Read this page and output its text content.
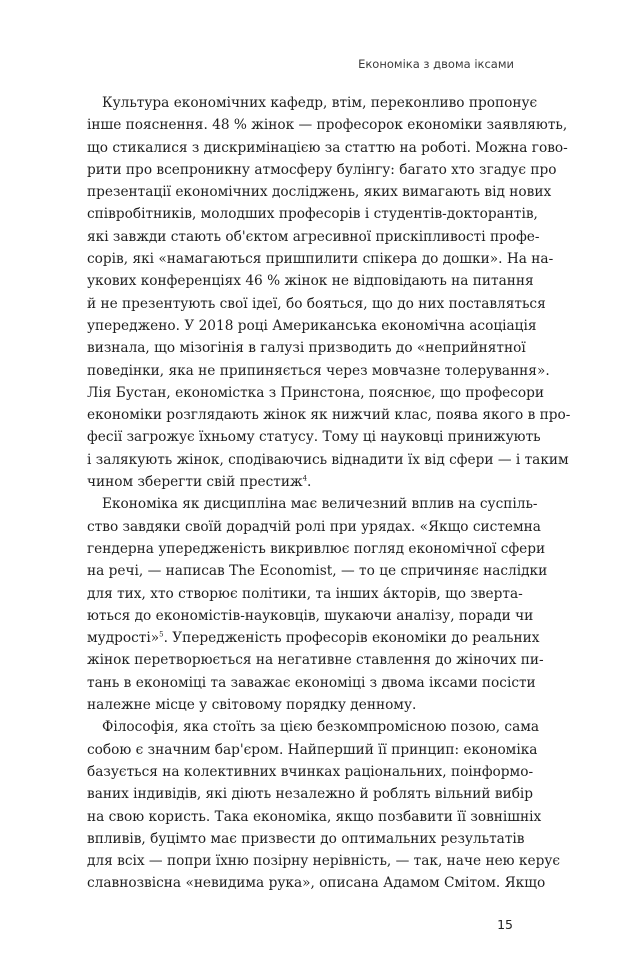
Економіка з двома іксами
Культура економічних кафедр, втім, переконливо пропонує
інше пояснення. 48 % жінок — професорок економіки заявляють,
що стикалися з дискримінацією за статтю на роботі. Можна гово-
рити про всепроникну атмосферу булінгу: багато хто згадує про
презентації економічних досліджень, яких вимагають від нових
співробітників, молодших професорів і студентів-докторантів,
які завжди стають об'єктом агресивної прискіпливості профе-
сорів, які «намагаються пришпилити спікера до дошки». На на-
укових конференціях 46 % жінок не відповідають на питання
й не презентують свої ідеї, бо бояться, що до них поставляться
упереджено. У 2018 році Американська економічна асоціація
визнала, що мізогінія в галузі призводить до «неприйнятної
поведінки, яка не припиняється через мовчазне толерування».
Лія Бустан, економістка з Принстона, пояснює, що професори
економіки розглядають жінок як нижчий клас, поява якого в про-
фесії загрожує їхньому статусу. Тому ці науковці принижують
і залякують жінок, сподіваючись віднадити їх від сфери — і таким
чином зберегти свій престиж$^4$.
Економіка як дисципліна має величезний вплив на суспіль-
ство завдяки своїй дорадчій ролі при урядах. «Якщо системна
гендерна упередженість викривлює погляд економічної сфери
на речі, — написав The Economist, — то це спричиняє наслідки
для тих, хто створює політики, та інших а́кторів, що зверта-
ються до економістів-науковців, шукаючи аналізу, поради чи
мудрості»$^5$. Упередженість професорів економіки до реальних
жінок перетворюється на негативне ставлення до жіночих пи-
тань в економіці та заважає економіці з двома іксами посісти
належне місце у світовому порядку денному.
Філософія, яка стоїть за цією безкомпромісною позою, сама
собою є значним бар'єром. Найперший її принцип: економіка
базується на колективних вчинках раціональних, поінформо-
ваних індивідів, які діють незалежно й роблять вільний вибір
на свою користь. Така економіка, якщо позбавити її зовнішніх
впливів, буцімто має призвести до оптимальних результатів
для всіх — попри їхню позірну нерівність, — так, наче нею керує
славнозвісна «невидима рука», описана Адамом Смітом. Якщо
15
